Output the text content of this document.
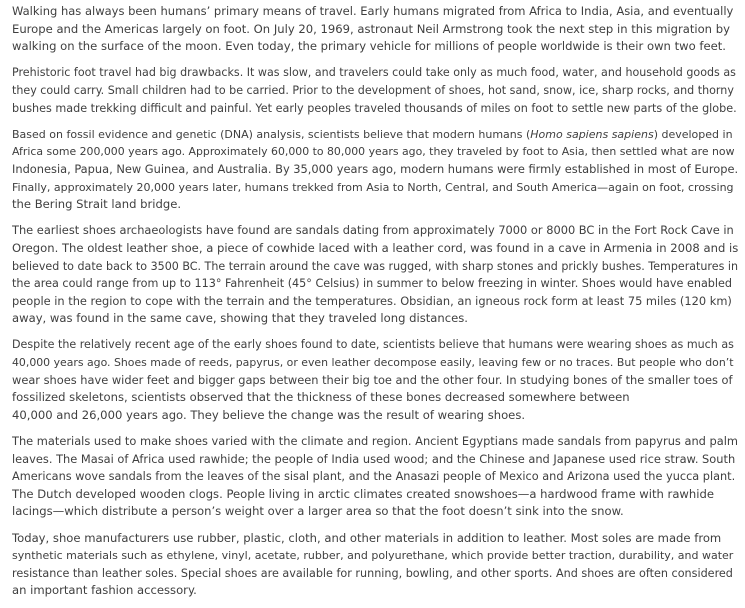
Walking has always been humans’ primary means of travel. Early humans migrated from Africa to India, Asia, and eventually
Europe and the Americas largely on foot. On July 20, 1969, astronaut Neil Armstrong took the next step in this migration by
walking on the surface of the moon. Even today, the primary vehicle for millions of people worldwide is their own two feet.

Prehistoric foot travel had big drawbacks. It was slow, and travelers could take only as much food, water, and household goods as
they could carry. Small children had to be carried. Prior to the development of shoes, hot sand, snow, ice, sharp rocks, and thorny
bushes made trekking difficult and painful. Yet early peoples traveled thousands of miles on foot to settle new parts of the globe.

Based on fossil evidence and genetic (DNA) analysis, scientists believe that modern humans (Homo sapiens sapiens) developed in
Africa some 200,000 years ago. Approximately 60,000 to 80,000 years ago, they traveled by foot to Asia, then settled what are now
Indonesia, Papua, New Guinea, and Australia. By 35,000 years ago, modern humans were firmly established in most of Europe.
Finally, approximately 20,000 years later, humans trekked from Asia to North, Central, and South America—again on foot, crossing
the Bering Strait land bridge.

The earliest shoes archaeologists have found are sandals dating from approximately 7000 or 8000 BC in the Fort Rock Cave in
Oregon. The oldest leather shoe, a piece of cowhide laced with a leather cord, was found in a cave in Armenia in 2008 and is
believed to date back to 3500 BC. The terrain around the cave was rugged, with sharp stones and prickly bushes. Temperatures in
the area could range from up to 113° Fahrenheit (45° Celsius) in summer to below freezing in winter. Shoes would have enabled
people in the region to cope with the terrain and the temperatures. Obsidian, an igneous rock form at least 75 miles (120 km)
away, was found in the same cave, showing that they traveled long distances.

Despite the relatively recent age of the early shoes found to date, scientists believe that humans were wearing shoes as much as
40,000 years ago. Shoes made of reeds, papyrus, or even leather decompose easily, leaving few or no traces. But people who don’t
wear shoes have wider feet and bigger gaps between their big toe and the other four. In studying bones of the smaller toes of
fossilized skeletons, scientists observed that the thickness of these bones decreased somewhere between
40,000 and 26,000 years ago. They believe the change was the result of wearing shoes.

The materials used to make shoes varied with the climate and region. Ancient Egyptians made sandals from papyrus and palm
leaves. The Masai of Africa used rawhide; the people of India used wood; and the Chinese and Japanese used rice straw. South
Americans wove sandals from the leaves of the sisal plant, and the Anasazi people of Mexico and Arizona used the yucca plant.
The Dutch developed wooden clogs. People living in arctic climates created snowshoes—a hardwood frame with rawhide
lacings—which distribute a person’s weight over a larger area so that the foot doesn’t sink into the snow.

Today, shoe manufacturers use rubber, plastic, cloth, and other materials in addition to leather. Most soles are made from
synthetic materials such as ethylene, vinyl, acetate, rubber, and polyurethane, which provide better traction, durability, and water
resistance than leather soles. Special shoes are available for running, bowling, and other sports. And shoes are often considered
an important fashion accessory.
